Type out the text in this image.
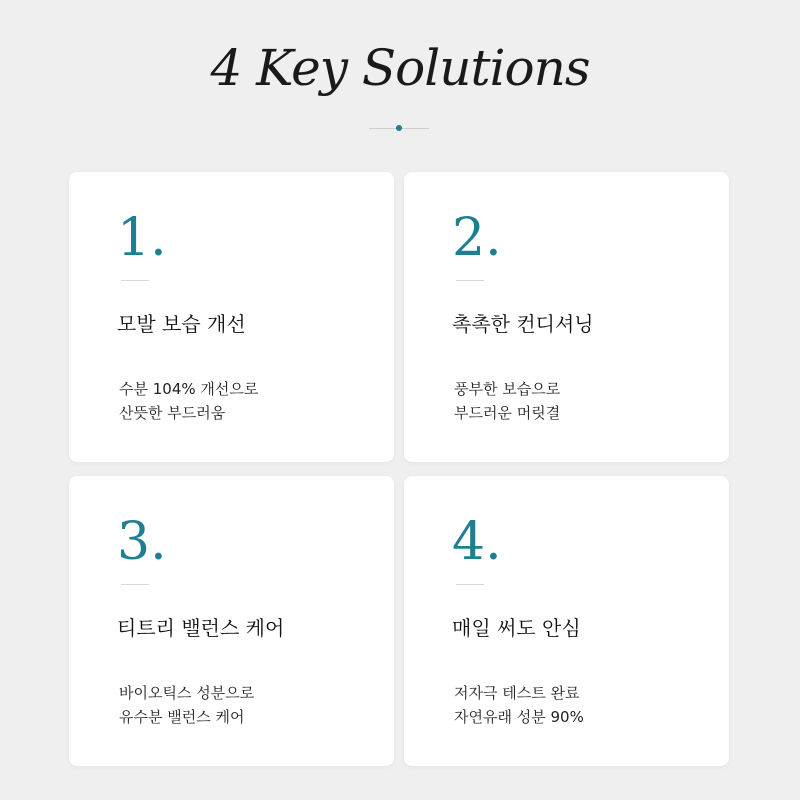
4 Key Solutions
1.
모발 보습 개선
수분 104% 개선으로
산뜻한 부드러움
2.
촉촉한 컨디셔닝
풍부한 보습으로
부드러운 머릿결
3.
티트리 밸런스 케어
바이오틱스 성분으로
유수분 밸런스 케어
4.
매일 써도 안심
저자극 테스트 완료
자연유래 성분 90%
